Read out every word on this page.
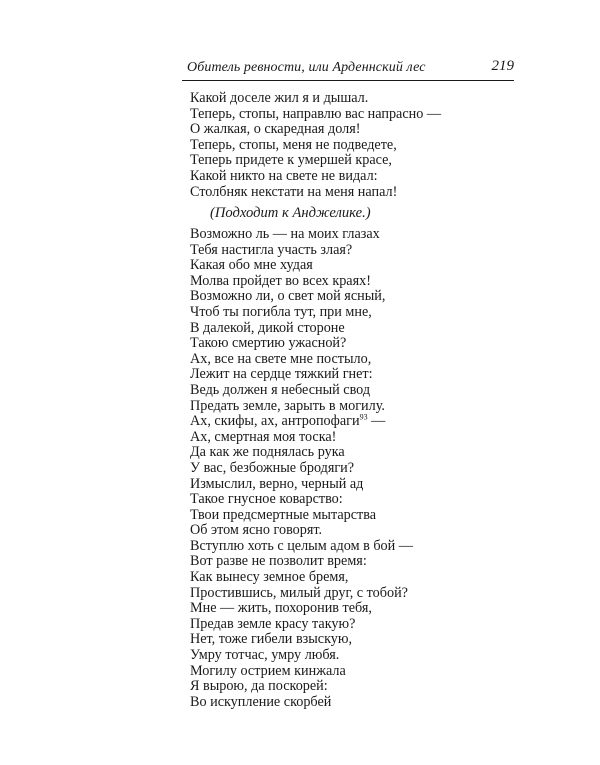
Обитель ревности, или Арденнский лес	219
Какой доселе жил я и дышал.
Теперь, стопы, направлю вас напрасно —
О жалкая, о скаредная доля!
Теперь, стопы, меня не подведете,
Теперь придете к умершей красе,
Какой никто на свете не видал:
Столбняк некстати на меня напал!
(Подходит к Анджелике.)
Возможно ль — на моих глазах
Тебя настигла участь злая?
Какая обо мне худая
Молва пройдет во всех краях!
Возможно ли, о свет мой ясный,
Чтоб ты погибла тут, при мне,
В далекой, дикой стороне
Такою смертию ужасной?
Ах, все на свете мне постыло,
Лежит на сердце тяжкий гнет:
Ведь должен я небесный свод
Предать земле, зарыть в могилу.
Ах, скифы, ах, антропофаги$^{93}$ —
Ах, смертная моя тоска!
Да как же поднялась рука
У вас, безбожные бродяги?
Измыслил, верно, черный ад
Такое гнусное коварство:
Твои предсмертные мытарства
Об этом ясно говорят.
Вступлю хоть с целым адом в бой —
Вот разве не позволит время:
Как вынесу земное бремя,
Простившись, милый друг, с тобой?
Мне — жить, похоронив тебя,
Предав земле красу такую?
Нет, тоже гибели взыскую,
Умру тотчас, умру любя.
Могилу острием кинжала
Я вырою, да поскорей:
Во искупление скорбей
